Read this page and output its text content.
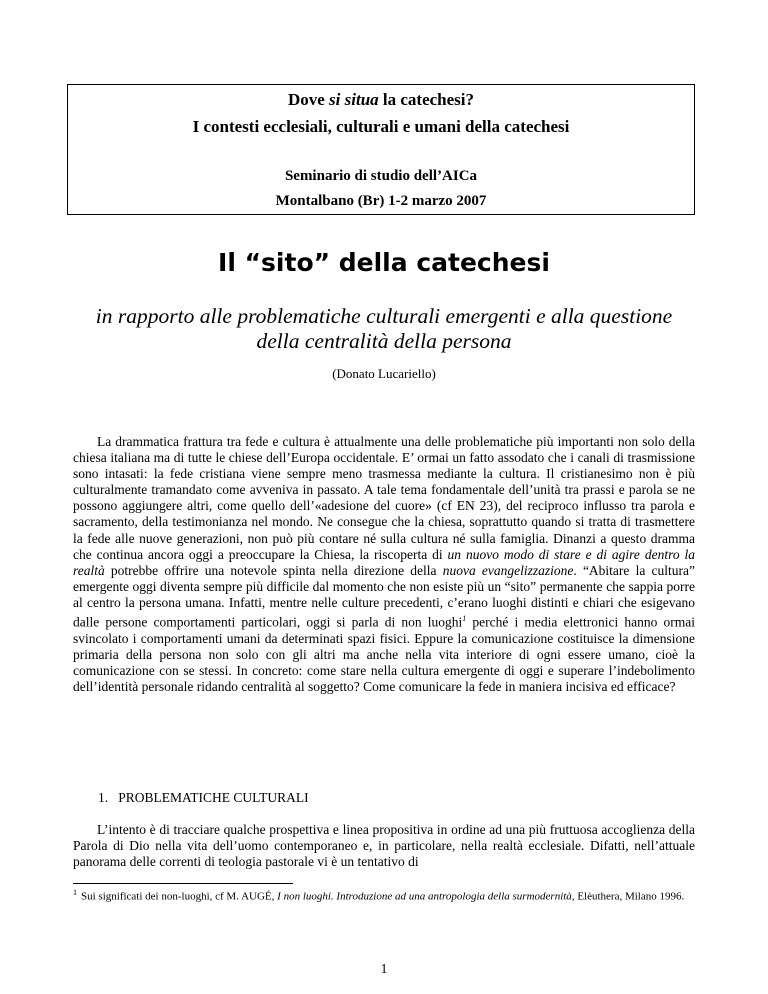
Dove si situa la catechesi?
I contesti ecclesiali, culturali e umani della catechesi
Seminario di studio dell’AICa
Montalbano (Br) 1-2 marzo 2007
Il “sito” della catechesi
in rapporto alle problematiche culturali emergenti e alla questione della centralità della persona
(Donato Lucariello)

La drammatica frattura tra fede e cultura è attualmente una delle problematiche più importanti non solo della chiesa italiana ma di tutte le chiese dell’Europa occidentale. E’ ormai un fatto assodato che i canali di trasmissione sono intasati: la fede cristiana viene sempre meno trasmessa mediante la cultura. Il cristianesimo non è più culturalmente tramandato come avveniva in passato. A tale tema fondamentale dell’unità tra prassi e parola se ne possono aggiungere altri, come quello dell’«adesione del cuore» (cf EN 23), del reciproco influsso tra parola e sacramento, della testimonianza nel mondo. Ne consegue che la chiesa, soprattutto quando si tratta di trasmettere la fede alle nuove generazioni, non può più contare né sulla cultura né sulla famiglia. Dinanzi a questo dramma che continua ancora oggi a preoccupare la Chiesa, la riscoperta di un nuovo modo di stare e di agire dentro la realtà potrebbe offrire una notevole spinta nella direzione della nuova evangelizzazione. “Abitare la cultura” emergente oggi diventa sempre più difficile dal momento che non esiste più un “sito” permanente che sappia porre al centro la persona umana. Infatti, mentre nelle culture precedenti, c’erano luoghi distinti e chiari che esigevano dalle persone comportamenti particolari, oggi si parla di non luoghi$^1$ perché i media elettronici hanno ormai svincolato i comportamenti umani da determinati spazi fisici. Eppure la comunicazione costituisce la dimensione primaria della persona non solo con gli altri ma anche nella vita interiore di ogni essere umano, cioè la comunicazione con se stessi. In concreto: come stare nella cultura emergente di oggi e superare l’indebolimento dell’identità personale ridando centralità al soggetto? Come comunicare la fede in maniera incisiva ed efficace?

1.   PROBLEMATICHE CULTURALI

L’intento è di tracciare qualche prospettiva e linea propositiva in ordine ad una più fruttuosa accoglienza della Parola di Dio nella vita dell’uomo contemporaneo e, in particolare, nella realtà ecclesiale. Difatti, nell’attuale panorama delle correnti di teologia pastorale vi è un tentativo di

$^1$ Sui significati dei non-luoghi, cf M. AUGÉ, I non luoghi. Introduzione ad una antropologia della surmodernità, Elèuthera, Milano 1996.
1
